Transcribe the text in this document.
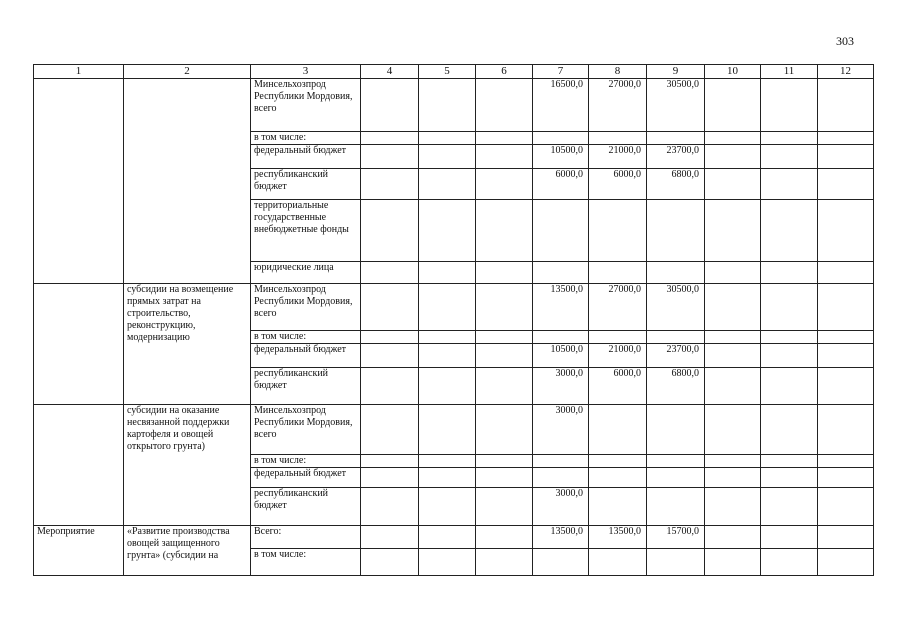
303
1	2	3	4	5	6	7	8	9	10	11	12
		Минсельхозпрод Республики Мордовия, всего				16500,0	27000,0	30500,0			
		в том числе:									
		федеральный бюджет				10500,0	21000,0	23700,0			
		республиканский бюджет				6000,0	6000,0	6800,0			
		территориальные государственные внебюджетные фонды									
		юридические лица									
	субсидии на возмещение прямых затрат на строительство, реконструкцию, модернизацию	Минсельхозпрод Республики Мордовия, всего				13500,0	27000,0	30500,0			
		в том числе:									
		федеральный бюджет				10500,0	21000,0	23700,0			
		республиканский бюджет				3000,0	6000,0	6800,0			
	субсидии на оказание несвязанной поддержки картофеля и овощей открытого грунта)	Минсельхозпрод Республики Мордовия, всего				3000,0					
		в том числе:									
		федеральный бюджет									
		республиканский бюджет				3000,0					
Мероприятие	«Развитие производства овощей защищенного грунта» (субсидии на	Всего:				13500,0	13500,0	15700,0			
		в том числе:									
